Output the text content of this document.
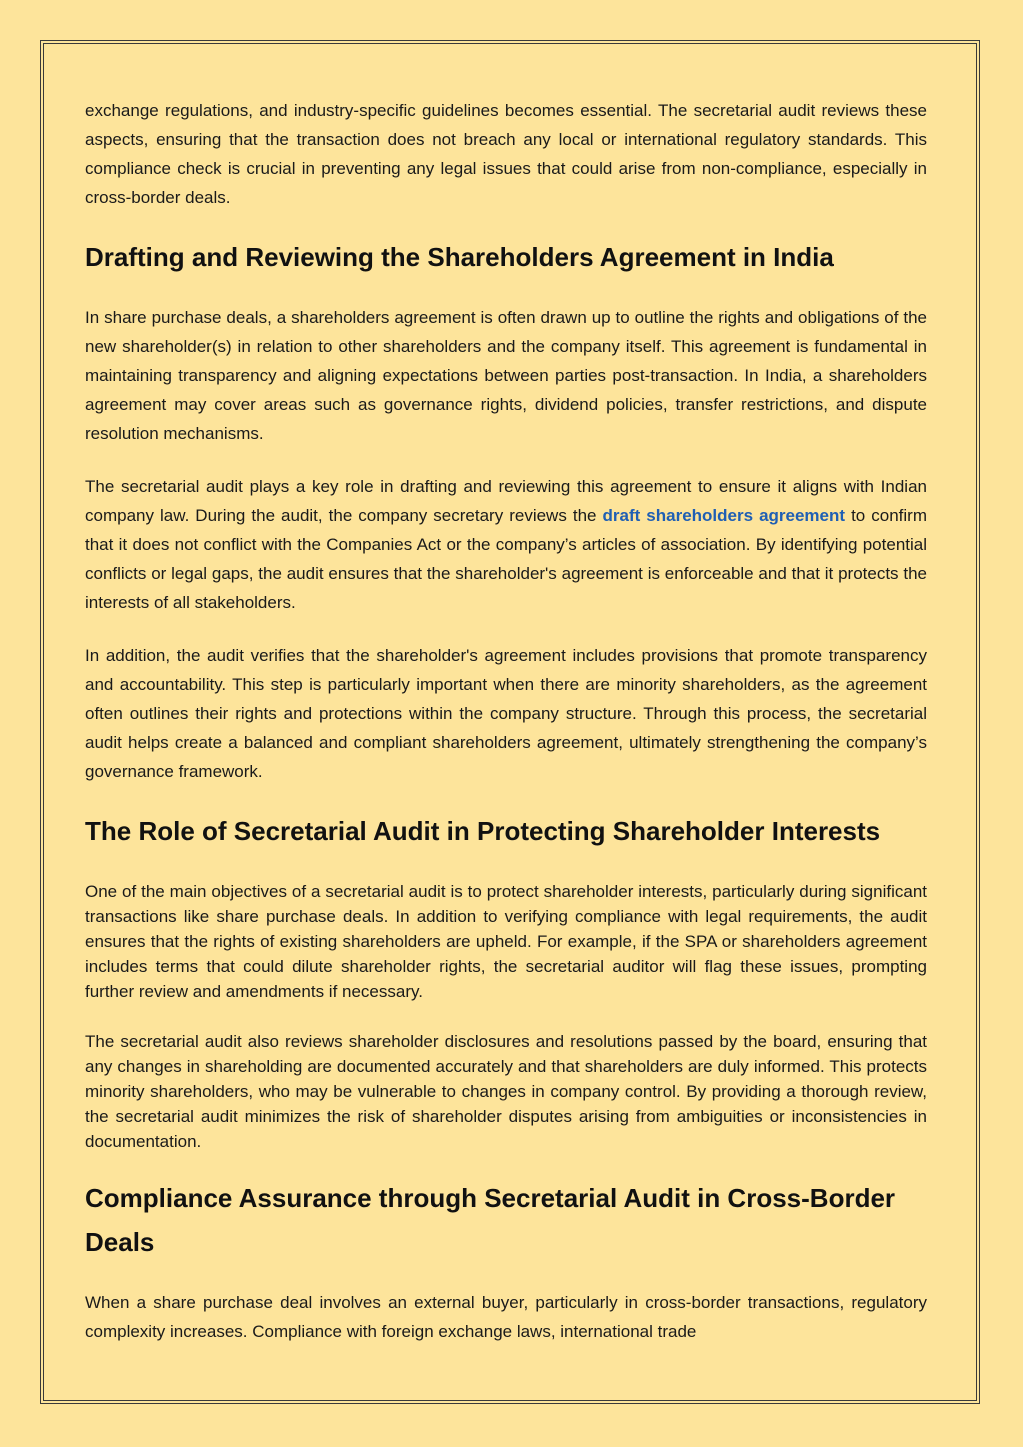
exchange regulations, and industry-specific guidelines becomes essential. The secretarial audit reviews these aspects, ensuring that the transaction does not breach any local or international regulatory standards. This compliance check is crucial in preventing any legal issues that could arise from non-compliance, especially in cross-border deals.

Drafting and Reviewing the Shareholders Agreement in India

In share purchase deals, a shareholders agreement is often drawn up to outline the rights and obligations of the new shareholder(s) in relation to other shareholders and the company itself. This agreement is fundamental in maintaining transparency and aligning expectations between parties post-transaction. In India, a shareholders agreement may cover areas such as governance rights, dividend policies, transfer restrictions, and dispute resolution mechanisms.

The secretarial audit plays a key role in drafting and reviewing this agreement to ensure it aligns with Indian company law. During the audit, the company secretary reviews the draft shareholders agreement to confirm that it does not conflict with the Companies Act or the company’s articles of association. By identifying potential conflicts or legal gaps, the audit ensures that the shareholder's agreement is enforceable and that it protects the interests of all stakeholders.

In addition, the audit verifies that the shareholder's agreement includes provisions that promote transparency and accountability. This step is particularly important when there are minority shareholders, as the agreement often outlines their rights and protections within the company structure. Through this process, the secretarial audit helps create a balanced and compliant shareholders agreement, ultimately strengthening the company’s governance framework.

The Role of Secretarial Audit in Protecting Shareholder Interests

One of the main objectives of a secretarial audit is to protect shareholder interests, particularly during significant transactions like share purchase deals. In addition to verifying compliance with legal requirements, the audit ensures that the rights of existing shareholders are upheld. For example, if the SPA or shareholders agreement includes terms that could dilute shareholder rights, the secretarial auditor will flag these issues, prompting further review and amendments if necessary.

The secretarial audit also reviews shareholder disclosures and resolutions passed by the board, ensuring that any changes in shareholding are documented accurately and that shareholders are duly informed. This protects minority shareholders, who may be vulnerable to changes in company control. By providing a thorough review, the secretarial audit minimizes the risk of shareholder disputes arising from ambiguities or inconsistencies in documentation.

Compliance Assurance through Secretarial Audit in Cross-Border Deals

When a share purchase deal involves an external buyer, particularly in cross-border transactions, regulatory complexity increases. Compliance with foreign exchange laws, international trade
